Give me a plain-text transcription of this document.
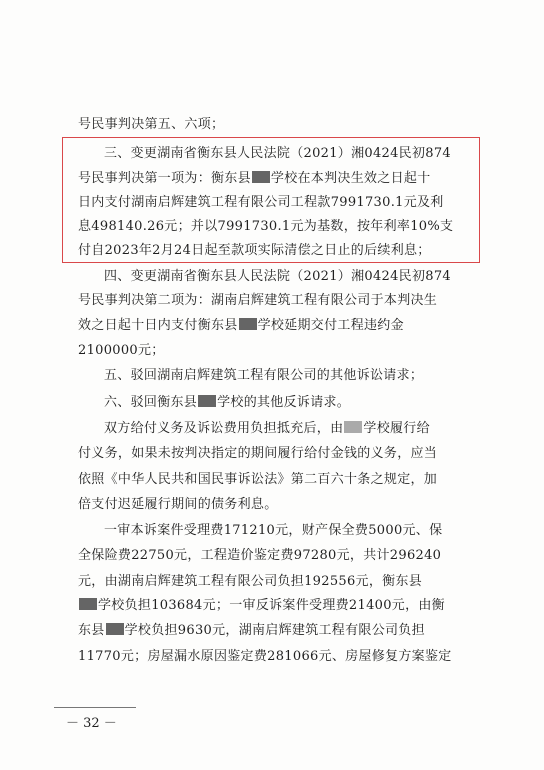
号民事判决第五、六项；
三、变更湖南省衡东县人民法院（2021）湘0424民初874
号民事判决第一项为：衡东县 学校在本判决生效之日起十
日内支付湖南启辉建筑工程有限公司工程款7991730.1元及利
息498140.26元；并以7991730.1元为基数，按年利率10%支
付自2023年2月24日起至款项实际清偿之日止的后续利息；
四、变更湖南省衡东县人民法院（2021）湘0424民初874
号民事判决第二项为：湖南启辉建筑工程有限公司于本判决生
效之日起十日内支付衡东县 学校延期交付工程违约金
2100000元；
五、驳回湖南启辉建筑工程有限公司的其他诉讼请求；
六、驳回衡东县 学校的其他反诉请求。
双方给付义务及诉讼费用负担抵充后，由 学校履行给
付义务，如果未按判决指定的期间履行给付金钱的义务，应当
依照《中华人民共和国民事诉讼法》第二百六十条之规定，加
倍支付迟延履行期间的债务利息。
一审本诉案件受理费171210元，财产保全费5000元、保
全保险费22750元，工程造价鉴定费97280元，共计296240
元，由湖南启辉建筑工程有限公司负担192556元，衡东县
学校负担103684元；一审反诉案件受理费21400元，由衡
东县 学校负担9630元，湖南启辉建筑工程有限公司负担
11770元；房屋漏水原因鉴定费281066元、房屋修复方案鉴定
－ 32 －
